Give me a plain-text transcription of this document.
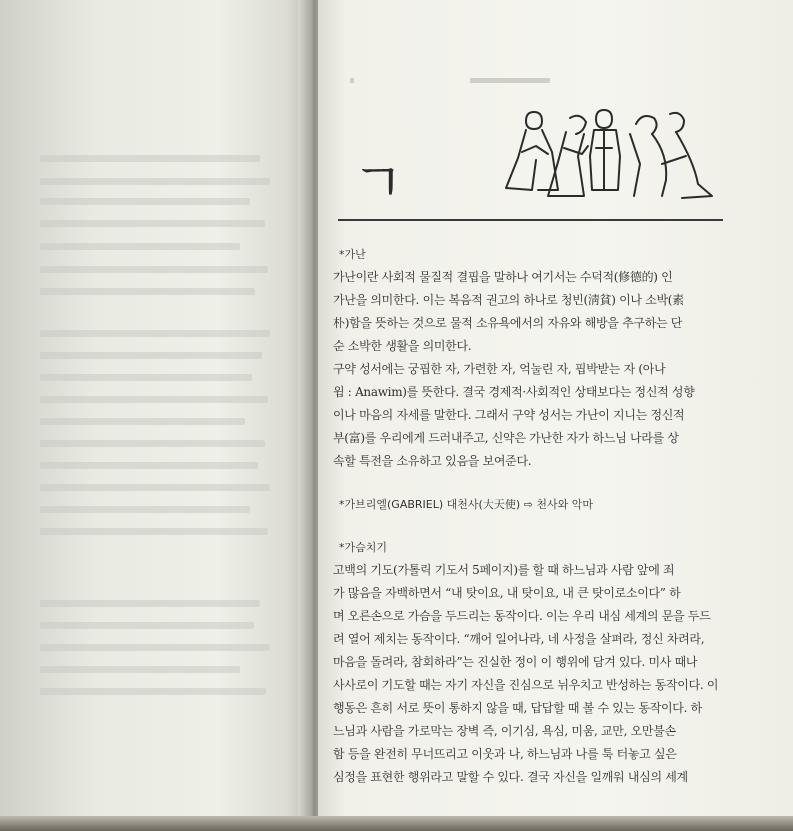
ㄱ
*가난
가난이란 사회적 물질적 결핍을 말하나 여기서는 수덕적(修德的) 인
가난을 의미한다. 이는 복음적 권고의 하나로 청빈(淸貧) 이나 소박(素
朴)함을 뜻하는 것으로 물적 소유욕에서의 자유와 해방을 추구하는 단
순 소박한 생활을 의미한다.
구약 성서에는 궁핍한 자, 가련한 자, 억눌린 자, 핍박받는 자 (아나
윔 : Anawim)를 뜻한다. 결국 경제적·사회적인 상태보다는 정신적 성향
이나 마음의 자세를 말한다. 그래서 구약 성서는 가난이 지니는 정신적
부(富)를 우리에게 드러내주고, 신약은 가난한 자가 하느님 나라를 상
속할 특전을 소유하고 있음을 보여준다.
*가브리엘(GABRIEL) 대천사(大天使) ⇨ 천사와 악마
*가슴치기
고백의 기도(가톨릭 기도서 5페이지)를 할 때 하느님과 사람 앞에 죄
가 많음을 자백하면서 “내 탓이요, 내 탓이요, 내 큰 탓이로소이다” 하
며 오른손으로 가슴을 두드리는 동작이다. 이는 우리 내심 세계의 문을 두드
려 열어 제치는 동작이다. “깨어 일어나라, 네 사정을 살펴라, 정신 차려라,
마음을 돌려라, 참회하라”는 진실한 정이 이 행위에 담겨 있다. 미사 때나
사사로이 기도할 때는 자기 자신을 진심으로 뉘우치고 반성하는 동작이다. 이
행동은 흔히 서로 뜻이 통하지 않을 때, 답답할 때 볼 수 있는 동작이다. 하
느님과 사람을 가로막는 장벽 즉, 이기심, 욕심, 미움, 교만, 오만불손
함 등을 완전히 무너뜨리고 이웃과 나, 하느님과 나를 툭 터놓고 싶은
심정을 표현한 행위라고 말할 수 있다. 결국 자신을 일깨워 내심의 세계
